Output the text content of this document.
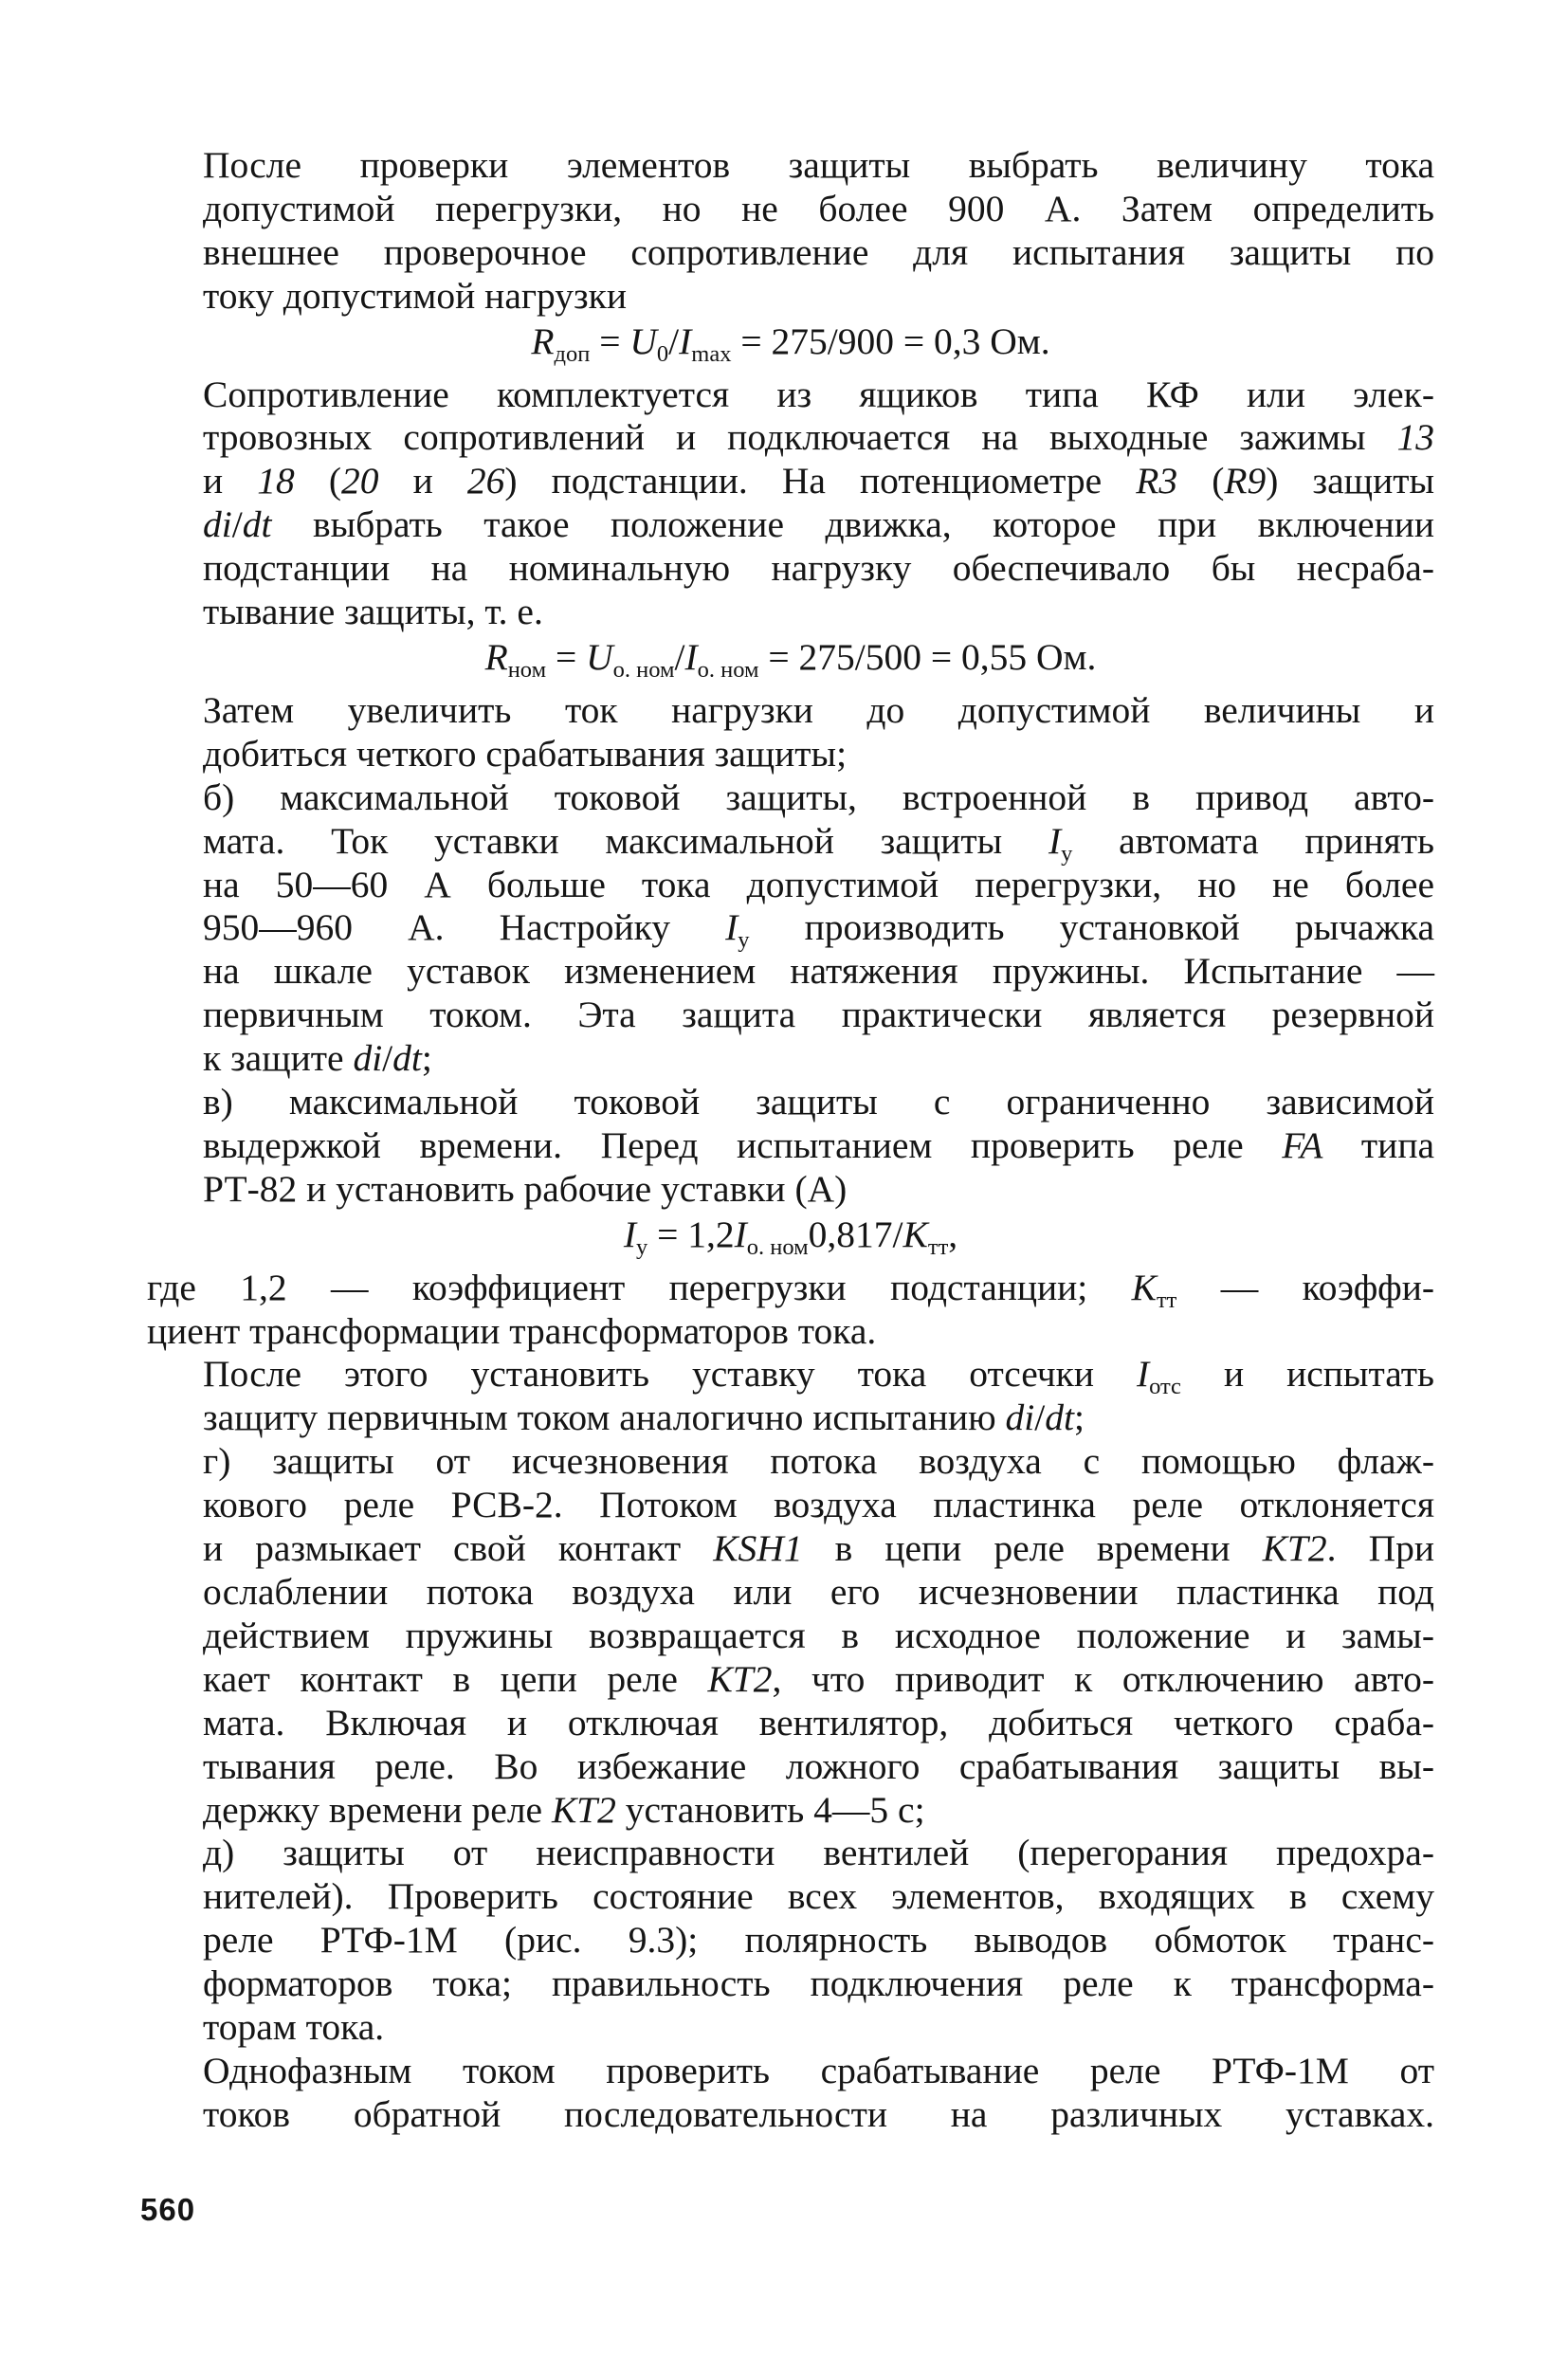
После проверки элементов защиты выбрать величину тока
допустимой перегрузки, но не более 900 А. Затем определить
внешнее проверочное сопротивление для испытания защиты по
току допустимой нагрузки

$R_{доп} = U_0/I_{max} = 275/900 = 0,3$ Ом.

Сопротивление комплектуется из ящиков типа КФ или элек-
тровозных сопротивлений и подключается на выходные зажимы 13
и 18 (20 и 26) подстанции. На потенциометре R3 (R9) защиты
di/dt выбрать такое положение движка, которое при включении
подстанции на номинальную нагрузку обеспечивало бы несраба-
тывание защиты, т. е.

$R_{ном} = U_{о. ном}/I_{о. ном} = 275/500 = 0,55$ Ом.

Затем увеличить ток нагрузки до допустимой величины и
добиться четкого срабатывания защиты;

б) максимальной токовой защиты, встроенной в привод авто-
мата. Ток уставки максимальной защиты $I_у$ автомата принять
на 50—60 А больше тока допустимой перегрузки, но не более
950—960 А. Настройку $I_у$ производить установкой рычажка
на шкале уставок изменением натяжения пружины. Испытание —
первичным током. Эта защита практически является резервной
к защите di/dt;

в) максимальной токовой защиты с ограниченно зависимой
выдержкой времени. Перед испытанием проверить реле FA типа
РТ-82 и установить рабочие уставки (А)

$I_у = 1,2I_{о. ном}0,817/K_{тт}$,

где 1,2 — коэффициент перегрузки подстанции; $K_{тт}$ — коэффи-
циент трансформации трансформаторов тока.

После этого установить уставку тока отсечки $I_{отс}$ и испытать
защиту первичным током аналогично испытанию di/dt;

г) защиты от исчезновения потока воздуха с помощью флаж-
кового реле РСВ-2. Потоком воздуха пластинка реле отклоняется
и размыкает свой контакт KSH1 в цепи реле времени КТ2. При
ослаблении потока воздуха или его исчезновении пластинка под
действием пружины возвращается в исходное положение и замы-
кает контакт в цепи реле КТ2, что приводит к отключению авто-
мата. Включая и отключая вентилятор, добиться четкого сраба-
тывания реле. Во избежание ложного срабатывания защиты вы-
держку времени реле КТ2 установить 4—5 с;

д) защиты от неисправности вентилей (перегорания предохра-
нителей). Проверить состояние всех элементов, входящих в схему
реле РТФ-1М (рис. 9.3); полярность выводов обмоток транс-
форматоров тока; правильность подключения реле к трансформа-
торам тока.

Однофазным током проверить срабатывание реле РТФ-1М от
токов обратной последовательности на различных уставках.

560
